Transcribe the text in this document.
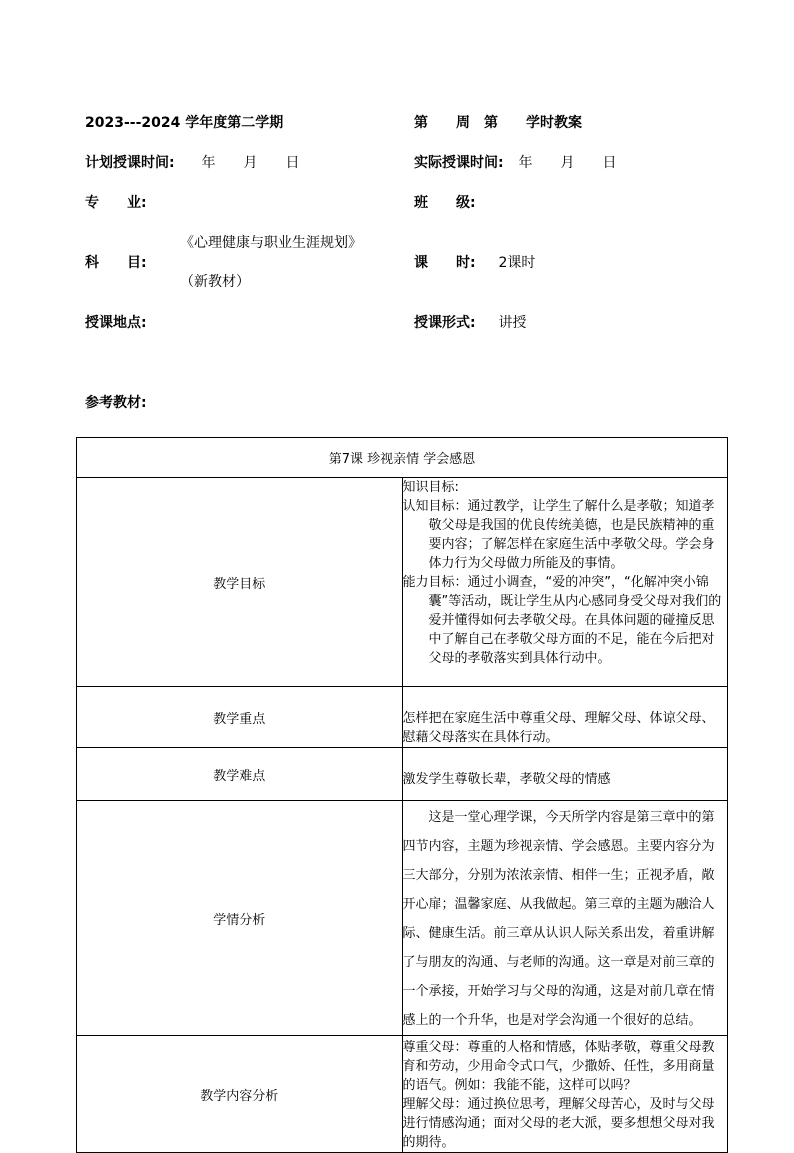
2023---2024 学年度第二学期	第　　周　第　　学时教案
计划授课时间: 年　　月　　日	实际授课时间: 年　　月　　日
专　　业:	班　　级:
科　　目:
《心理健康与职业生涯规划》
（新教材）
课　　时: 2课时
授课地点:	授课形式: 讲授
参考教材:
第7课 珍视亲情 学会感恩	
教学目标	知识目标:
认知目标：通过教学，让学生了解什么是孝敬；知道孝敬父母是我国的优良传统美德，也是民族精神的重要内容；了解怎样在家庭生活中孝敬父母。学会身体力行为父母做力所能及的事情。
能力目标：通过小调查，“爱的冲突”，“化解冲突小锦囊”等活动，既让学生从内心感同身受父母对我们的爱并懂得如何去孝敬父母。在具体问题的碰撞反思中了解自己在孝敬父母方面的不足，能在今后把对父母的孝敬落实到具体行动中。

教学重点	怎样把在家庭生活中尊重父母、理解父母、体谅父母、慰藉父母落实在具体行动。

教学难点	激发学生尊敬长辈，孝敬父母的情感

学情分析	这是一堂心理学课，今天所学内容是第三章中的第四节内容，主题为珍视亲情、学会感恩。主要内容分为三大部分，分别为浓浓亲情、相伴一生；正视矛盾，敞开心扉；温馨家庭、从我做起。第三章的主题为融洽人际、健康生活。前三章从认识人际关系出发，着重讲解了与朋友的沟通、与老师的沟通。这一章是对前三章的一个承接，开始学习与父母的沟通，这是对前几章在情感上的一个升华，也是对学会沟通一个很好的总结。

教学内容分析	尊重父母：尊重的人格和情感，体贴孝敬，尊重父母教育和劳动，少用命令式口气，少撒娇、任性，多用商量的语气。例如：我能不能，这样可以吗？
理解父母：通过换位思考，理解父母苦心，及时与父母进行情感沟通；面对父母的老大派，要多想想父母对我的期待。
